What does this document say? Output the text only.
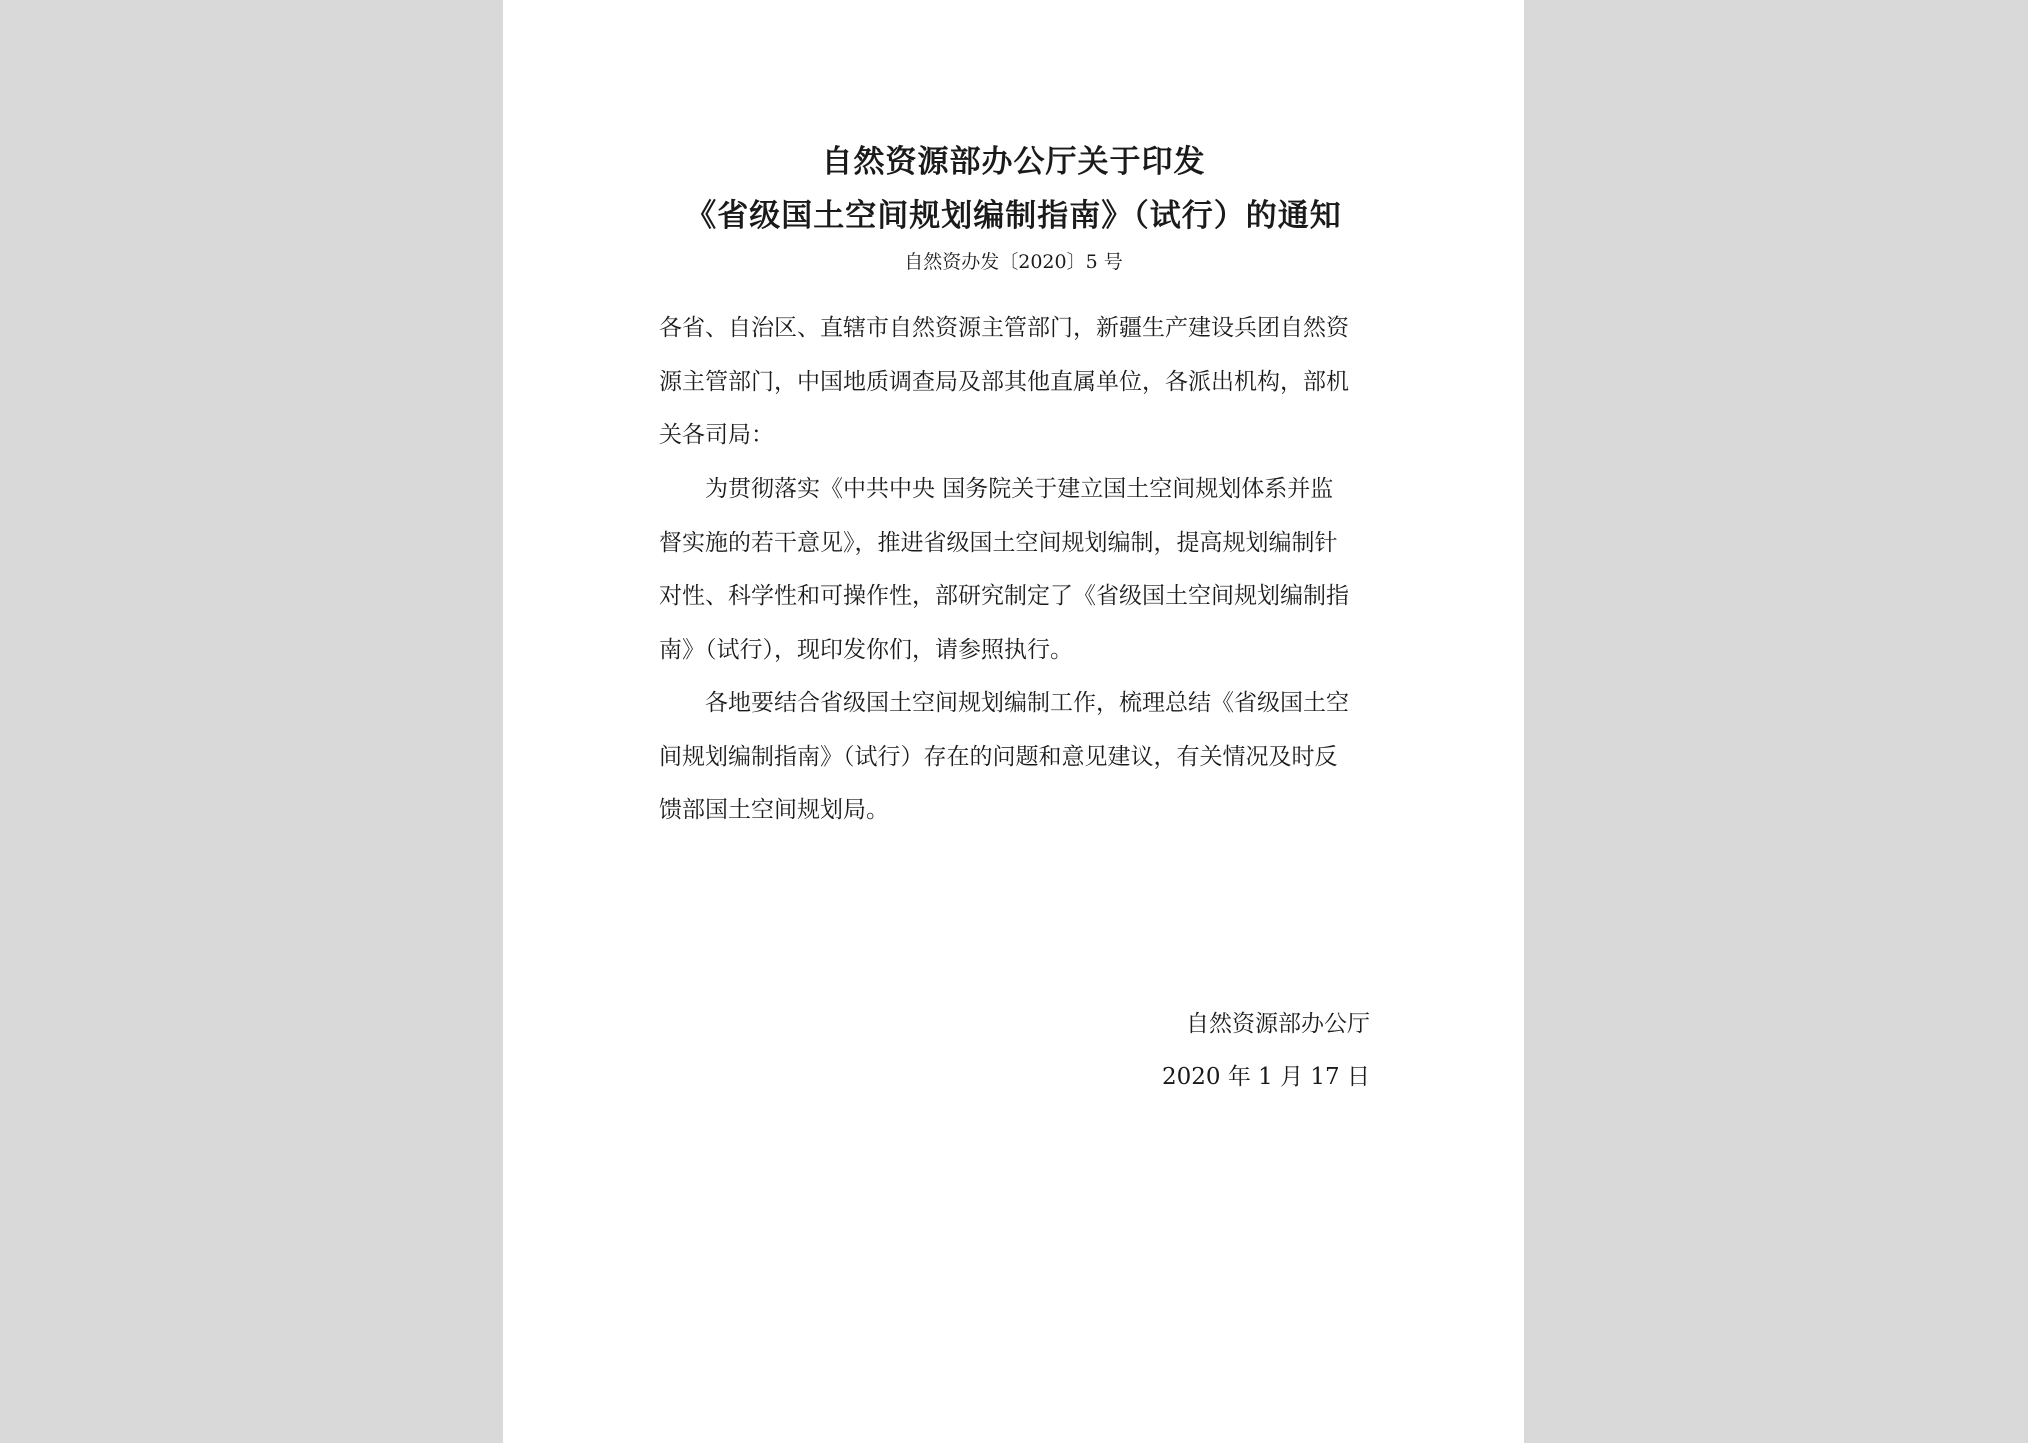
自然资源部办公厅关于印发
《省级国土空间规划编制指南》（试行）的通知
自然资办发〔2020〕5 号
各省、自治区、直辖市自然资源主管部门，新疆生产建设兵团自然资
源主管部门，中国地质调查局及部其他直属单位，各派出机构，部机
关各司局：
为贯彻落实《中共中央 国务院关于建立国土空间规划体系并监
督实施的若干意见》，推进省级国土空间规划编制，提高规划编制针
对性、科学性和可操作性，部研究制定了《省级国土空间规划编制指
南》（试行），现印发你们，请参照执行。
各地要结合省级国土空间规划编制工作，梳理总结《省级国土空
间规划编制指南》（试行）存在的问题和意见建议，有关情况及时反
馈部国土空间规划局。
自然资源部办公厅
2020 年 1 月 17 日
